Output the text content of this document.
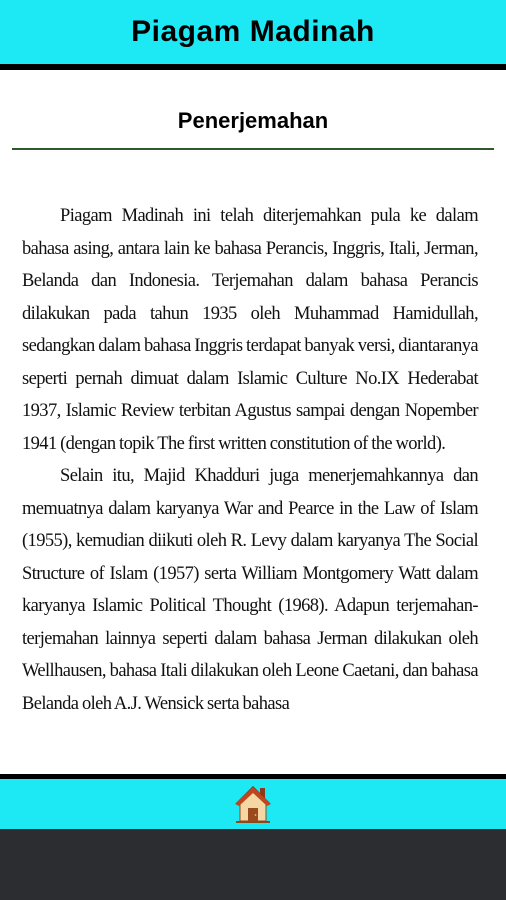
Piagam Madinah
Penerjemahan

Piagam Madinah ini telah diterjemahkan pula ke dalam bahasa asing, antara lain ke bahasa Perancis, Inggris, Itali, Jerman, Belanda dan Indonesia. Terjemahan dalam bahasa Perancis dilakukan pada tahun 1935 oleh Muhammad Hamidullah, sedangkan dalam bahasa Inggris terdapat banyak versi, diantaranya seperti pernah dimuat dalam Islamic Culture No.IX Hederabat 1937, Islamic Review terbitan Agustus sampai dengan Nopember 1941 (dengan topik The first written constitution of the world).

Selain itu, Majid Khadduri juga menerjemahkannya dan memuatnya dalam karyanya War and Pearce in the Law of Islam (1955), kemudian diikuti oleh R. Levy dalam karyanya The Social Structure of Islam (1957) serta William Montgomery Watt dalam karyanya Islamic Political Thought (1968). Adapun terjemahan-terjemahan lainnya seperti dalam bahasa Jerman dilakukan oleh Wellhausen, bahasa Itali dilakukan oleh Leone Caetani, dan bahasa Belanda oleh A.J. Wensick serta bahasa
